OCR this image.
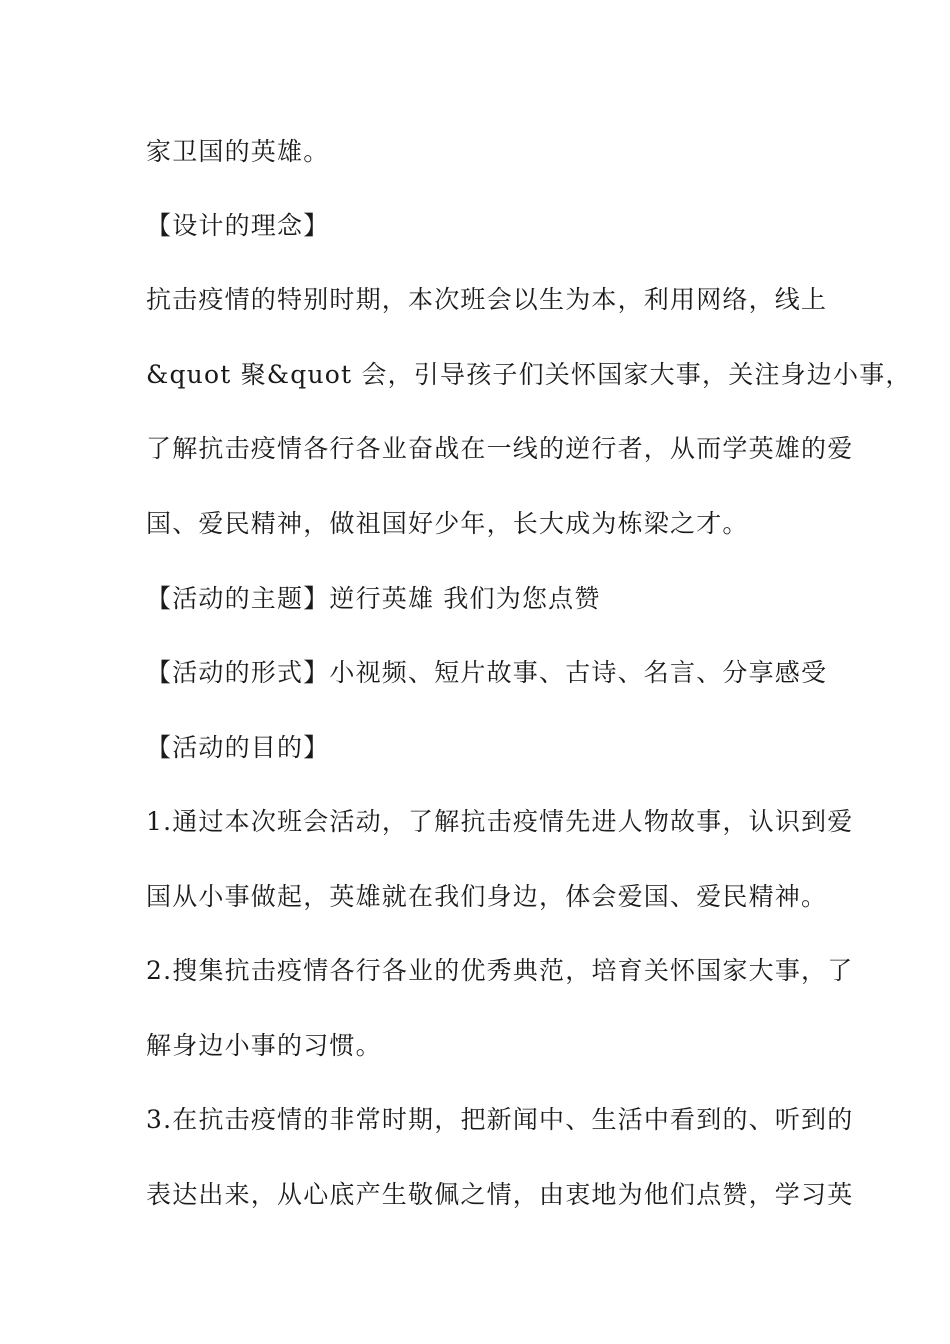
家卫国的英雄。
【设计的理念】
抗击疫情的特别时期，本次班会以生为本，利用网络，线上
&quot 聚&quot 会，引导孩子们关怀国家大事，关注身边小事，
了解抗击疫情各行各业奋战在一线的逆行者，从而学英雄的爱
国、爱民精神，做祖国好少年，长大成为栋梁之才。
【活动的主题】逆行英雄 我们为您点赞
【活动的形式】小视频、短片故事、古诗、名言、分享感受
【活动的目的】
1.通过本次班会活动，了解抗击疫情先进人物故事，认识到爱
国从小事做起，英雄就在我们身边，体会爱国、爱民精神。
2.搜集抗击疫情各行各业的优秀典范，培育关怀国家大事，了
解身边小事的习惯。
3.在抗击疫情的非常时期，把新闻中、生活中看到的、听到的
表达出来，从心底产生敬佩之情，由衷地为他们点赞，学习英
